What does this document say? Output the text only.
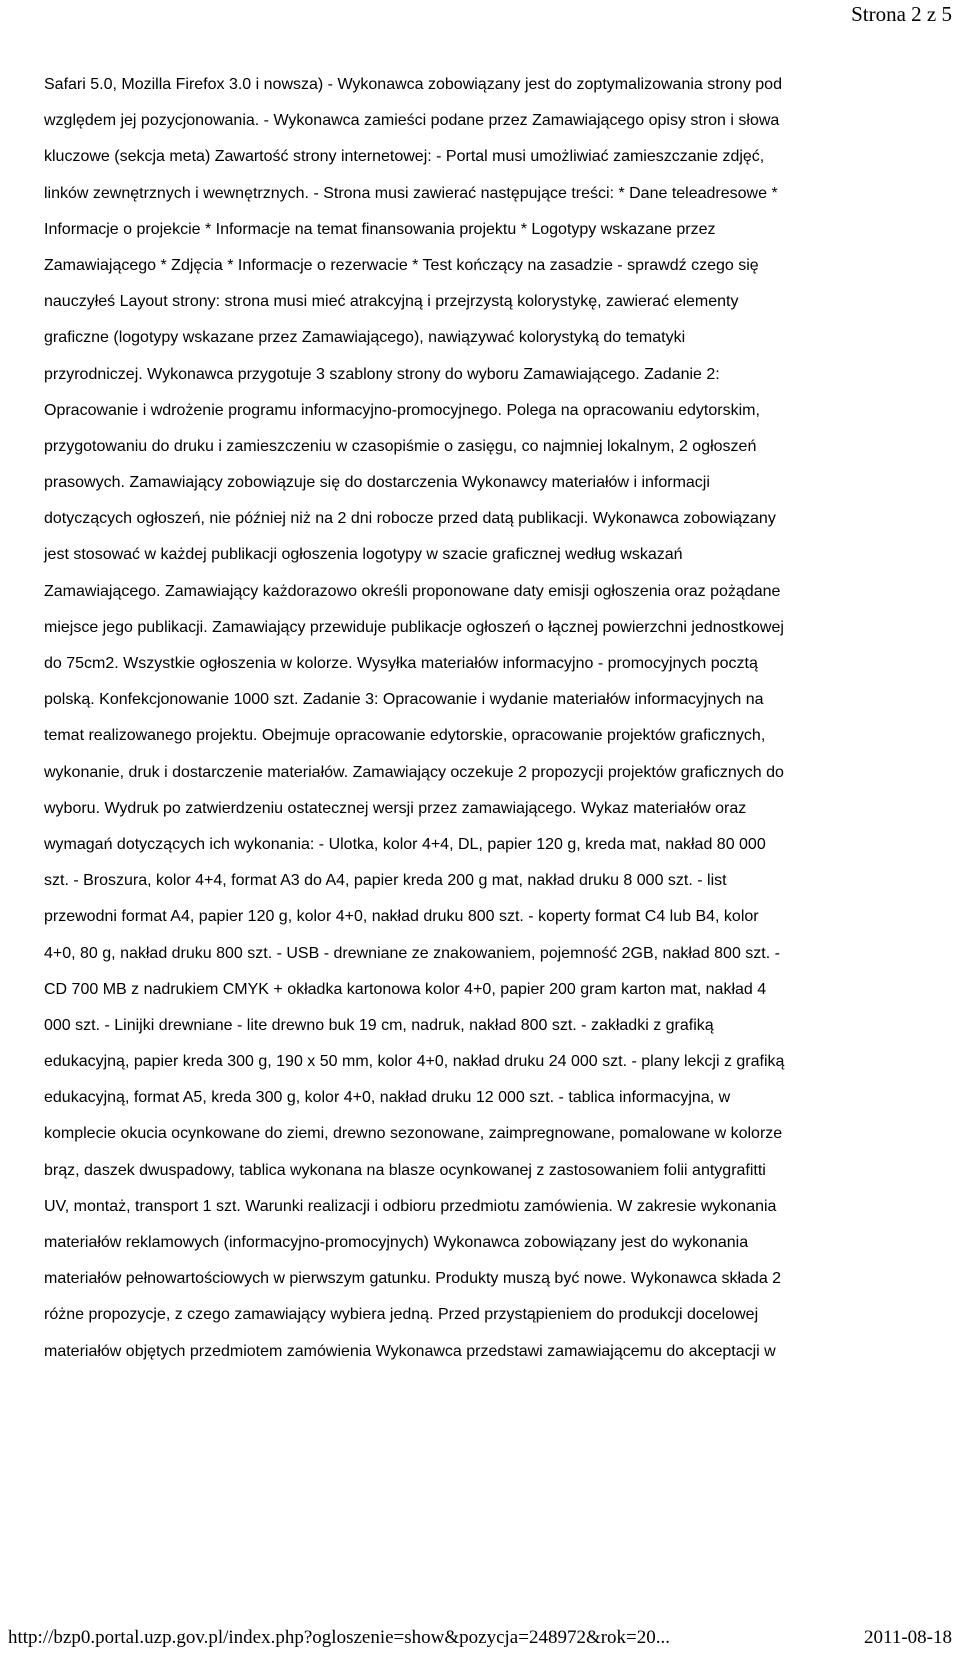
Strona 2 z 5
Safari 5.0, Mozilla Firefox 3.0 i nowsza) - Wykonawca zobowiązany jest do zoptymalizowania strony pod
względem jej pozycjonowania. - Wykonawca zamieści podane przez Zamawiającego opisy stron i słowa
kluczowe (sekcja meta) Zawartość strony internetowej: - Portal musi umożliwiać zamieszczanie zdjęć,
linków zewnętrznych i wewnętrznych. - Strona musi zawierać następujące treści: * Dane teleadresowe *
Informacje o projekcie * Informacje na temat finansowania projektu * Logotypy wskazane przez
Zamawiającego * Zdjęcia * Informacje o rezerwacie * Test kończący na zasadzie - sprawdź czego się
nauczyłeś Layout strony: strona musi mieć atrakcyjną i przejrzystą kolorystykę, zawierać elementy
graficzne (logotypy wskazane przez Zamawiającego), nawiązywać kolorystyką do tematyki
przyrodniczej. Wykonawca przygotuje 3 szablony strony do wyboru Zamawiającego. Zadanie 2:
Opracowanie i wdrożenie programu informacyjno-promocyjnego. Polega na opracowaniu edytorskim,
przygotowaniu do druku i zamieszczeniu w czasopiśmie o zasięgu, co najmniej lokalnym, 2 ogłoszeń
prasowych. Zamawiający zobowiązuje się do dostarczenia Wykonawcy materiałów i informacji
dotyczących ogłoszeń, nie później niż na 2 dni robocze przed datą publikacji. Wykonawca zobowiązany
jest stosować w każdej publikacji ogłoszenia logotypy w szacie graficznej według wskazań
Zamawiającego. Zamawiający każdorazowo określi proponowane daty emisji ogłoszenia oraz pożądane
miejsce jego publikacji. Zamawiający przewiduje publikacje ogłoszeń o łącznej powierzchni jednostkowej
do 75cm2. Wszystkie ogłoszenia w kolorze. Wysyłka materiałów informacyjno - promocyjnych pocztą
polską. Konfekcjonowanie 1000 szt. Zadanie 3: Opracowanie i wydanie materiałów informacyjnych na
temat realizowanego projektu. Obejmuje opracowanie edytorskie, opracowanie projektów graficznych,
wykonanie, druk i dostarczenie materiałów. Zamawiający oczekuje 2 propozycji projektów graficznych do
wyboru. Wydruk po zatwierdzeniu ostatecznej wersji przez zamawiającego. Wykaz materiałów oraz
wymagań dotyczących ich wykonania: - Ulotka, kolor 4+4, DL, papier 120 g, kreda mat, nakład 80 000
szt. - Broszura, kolor 4+4, format A3 do A4, papier kreda 200 g mat, nakład druku 8 000 szt. - list
przewodni format A4, papier 120 g, kolor 4+0, nakład druku 800 szt. - koperty format C4 lub B4, kolor
4+0, 80 g, nakład druku 800 szt. - USB - drewniane ze znakowaniem, pojemność 2GB, nakład 800 szt. -
CD 700 MB z nadrukiem CMYK + okładka kartonowa kolor 4+0, papier 200 gram karton mat, nakład 4
000 szt. - Linijki drewniane - lite drewno buk 19 cm, nadruk, nakład 800 szt. - zakładki z grafiką
edukacyjną, papier kreda 300 g, 190 x 50 mm, kolor 4+0, nakład druku 24 000 szt. - plany lekcji z grafiką
edukacyjną, format A5, kreda 300 g, kolor 4+0, nakład druku 12 000 szt. - tablica informacyjna, w
komplecie okucia ocynkowane do ziemi, drewno sezonowane, zaimpregnowane, pomalowane w kolorze
brąz, daszek dwuspadowy, tablica wykonana na blasze ocynkowanej z zastosowaniem folii antygrafitti
UV, montaż, transport 1 szt. Warunki realizacji i odbioru przedmiotu zamówienia. W zakresie wykonania
materiałów reklamowych (informacyjno-promocyjnych) Wykonawca zobowiązany jest do wykonania
materiałów pełnowartościowych w pierwszym gatunku. Produkty muszą być nowe. Wykonawca składa 2
różne propozycje, z czego zamawiający wybiera jedną. Przed przystąpieniem do produkcji docelowej
materiałów objętych przedmiotem zamówienia Wykonawca przedstawi zamawiającemu do akceptacji w
http://bzp0.portal.uzp.gov.pl/index.php?ogloszenie=show&pozycja=248972&rok=20...	2011-08-18
